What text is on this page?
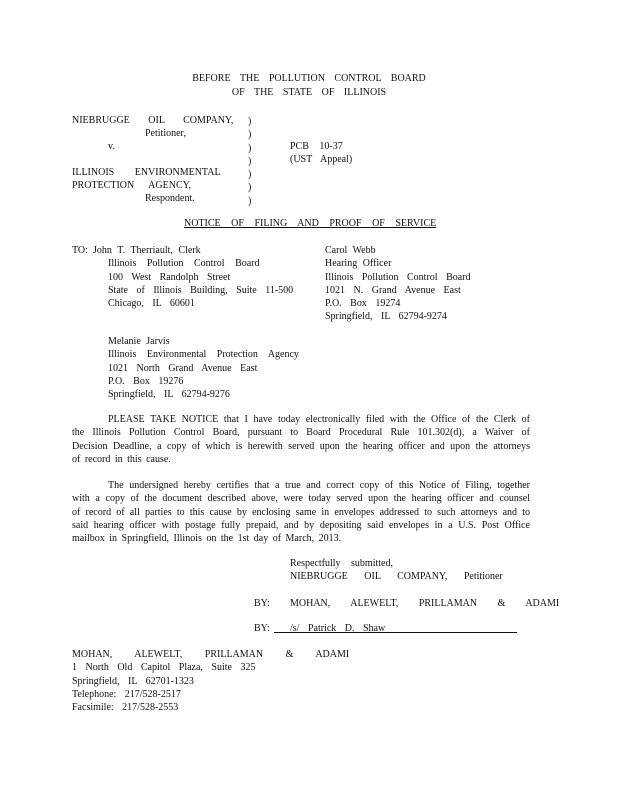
BEFORE THE POLLUTION CONTROL BOARD
OF THE STATE OF ILLINOIS
NIEBRUGGE OIL COMPANY,
Petitioner,
v.
ILLINOIS ENVIRONMENTAL
PROTECTION AGENCY,
Respondent.
)
)
)
)
)
)
)
PCB 10-37
(UST Appeal)
NOTICE OF FILING AND PROOF OF SERVICE
TO: John T. Therriault, Clerk
Illinois Pollution Control Board
100 West Randolph Street
State of Illinois Building, Suite 11-500
Chicago, IL 60601
Carol Webb
Hearing Officer
Illinois Pollution Control Board
1021 N. Grand Avenue East
P.O. Box 19274
Springfield, IL 62794-9274
Melanie Jarvis
Illinois Environmental Protection Agency
1021 North Grand Avenue East
P.O. Box 19276
Springfield, IL 62794-9276
PLEASE TAKE NOTICE that I have today electronically filed with the Office of the Clerk of
the Illinois Pollution Control Board, pursuant to Board Procedural Rule 101.302(d), a Waiver of
Decision Deadline, a copy of which is herewith served upon the hearing officer and upon the attorneys
of record in this cause.
The undersigned hereby certifies that a true and correct copy of this Notice of Filing, together
with a copy of the document described above, were today served upon the hearing officer and counsel
of record of all parties to this cause by enclosing same in envelopes addressed to such attorneys and to
said hearing officer with postage fully prepaid, and by depositing said envelopes in a U.S. Post Office
mailbox in Springfield, Illinois on the 1st day of March, 2013.
Respectfully submitted,
NIEBRUGGE OIL COMPANY, Petitioner
BY: MOHAN, ALEWELT, PRILLAMAN & ADAMI
BY: /s/ Patrick D. Shaw
MOHAN, ALEWELT, PRILLAMAN & ADAMI
1 North Old Capitol Plaza, Suite 325
Springfield, IL 62701-1323
Telephone: 217/528-2517
Facsimile: 217/528-2553
